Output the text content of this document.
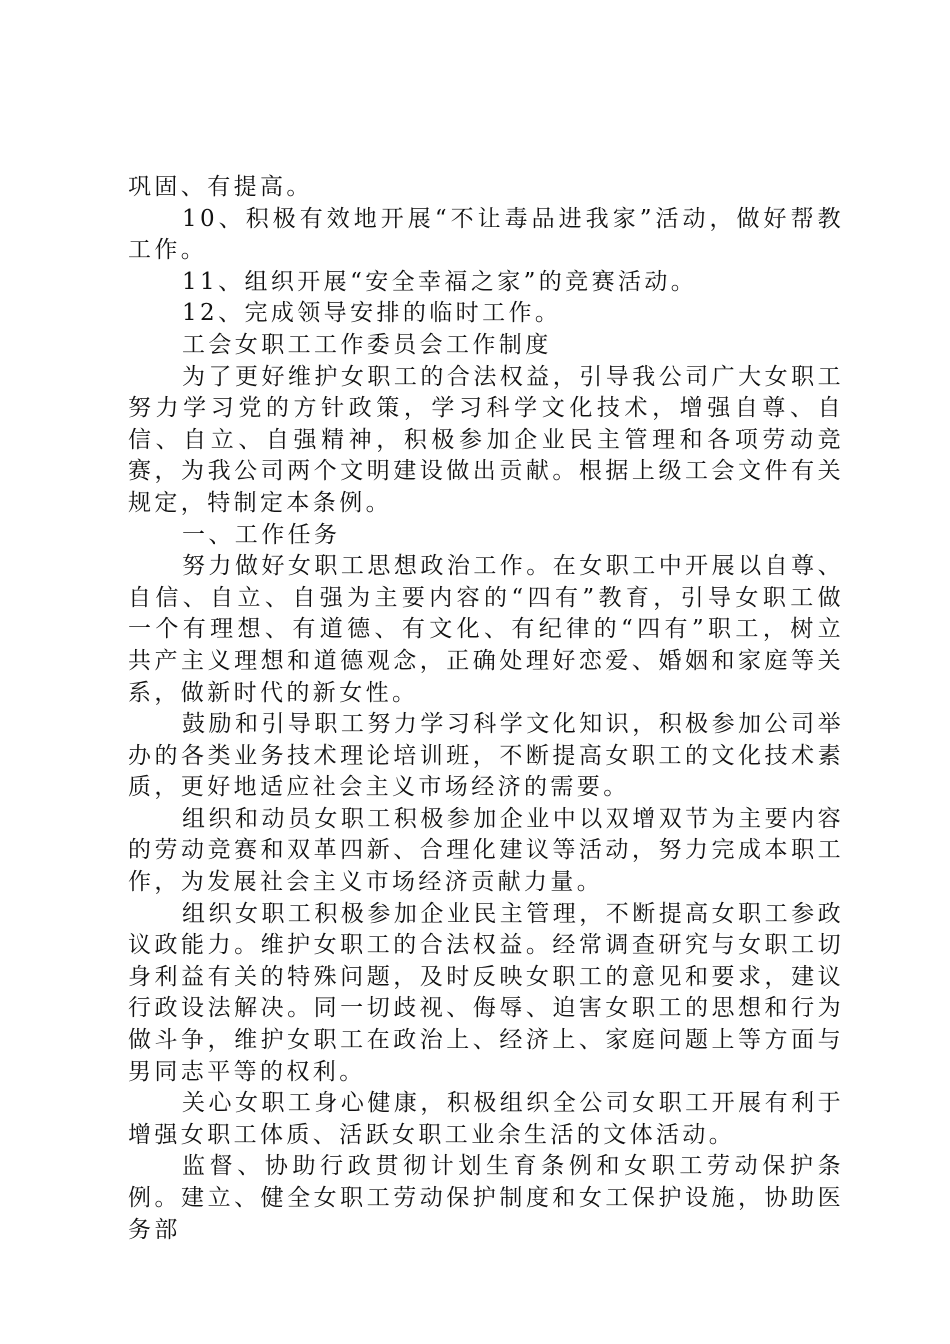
巩固、有提高。

10、积极有效地开展“不让毒品进我家”活动，做好帮教工作。

11、组织开展“安全幸福之家”的竞赛活动。

12、完成领导安排的临时工作。

工会女职工工作委员会工作制度

为了更好维护女职工的合法权益，引导我公司广大女职工努力学习党的方针政策，学习科学文化技术，增强自尊、自信、自立、自强精神，积极参加企业民主管理和各项劳动竞赛，为我公司两个文明建设做出贡献。根据上级工会文件有关规定，特制定本条例。

一、工作任务

努力做好女职工思想政治工作。在女职工中开展以自尊、自信、自立、自强为主要内容的“四有”教育，引导女职工做一个有理想、有道德、有文化、有纪律的“四有”职工，树立共产主义理想和道德观念，正确处理好恋爱、婚姻和家庭等关系，做新时代的新女性。

鼓励和引导职工努力学习科学文化知识，积极参加公司举办的各类业务技术理论培训班，不断提高女职工的文化技术素质，更好地适应社会主义市场经济的需要。

组织和动员女职工积极参加企业中以双增双节为主要内容的劳动竞赛和双革四新、合理化建议等活动，努力完成本职工作，为发展社会主义市场经济贡献力量。

组织女职工积极参加企业民主管理，不断提高女职工参政议政能力。维护女职工的合法权益。经常调查研究与女职工切身利益有关的特殊问题，及时反映女职工的意见和要求，建议行政设法解决。同一切歧视、侮辱、迫害女职工的思想和行为做斗争，维护女职工在政治上、经济上、家庭问题上等方面与男同志平等的权利。

关心女职工身心健康，积极组织全公司女职工开展有利于增强女职工体质、活跃女职工业余生活的文体活动。

监督、协助行政贯彻计划生育条例和女职工劳动保护条例。建立、健全女职工劳动保护制度和女工保护设施，协助医务部
